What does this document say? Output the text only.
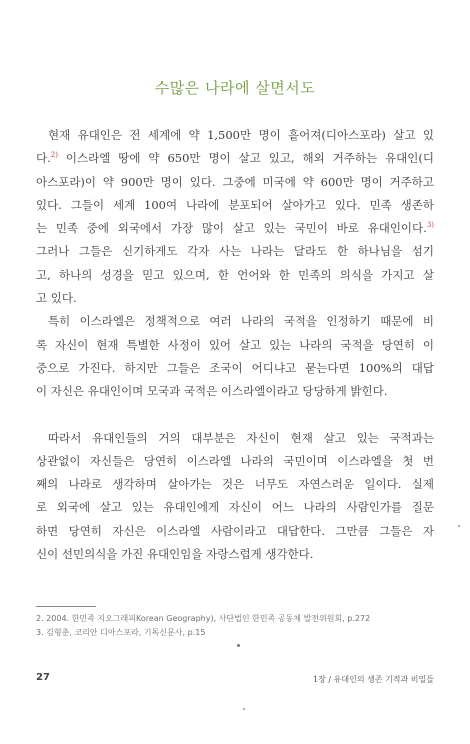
수많은 나라에 살면서도
현재 유대인은 전 세계에 약 1,500만 명이 흩어져(디아스포라) 살고 있
다.$^{2)}$ 이스라엘 땅에 약 650만 명이 살고 있고, 해외 거주하는 유대인(디
아스포라)이 약 900만 명이 있다. 그중에 미국에 약 600만 명이 거주하고
있다. 그들이 세계 100여 나라에 분포되어 살아가고 있다. 민족 생존하
는 민족 중에 외국에서 가장 많이 살고 있는 국민이 바로 유대인이다.$^{3)}$
그러나 그들은 신기하게도 각자 사는 나라는 달라도 한 하나님을 섬기
고, 하나의 성경을 믿고 있으며, 한 언어와 한 민족의 의식을 가지고 살
고 있다.
특히 이스라엘은 정책적으로 여러 나라의 국적을 인정하기 때문에 비
록 자신이 현재 특별한 사정이 있어 살고 있는 나라의 국적을 당연히 이
중으로 가진다. 하지만 그들은 조국이 어디냐고 묻는다면 100%의 대답
이 자신은 유대인이며 모국과 국적은 이스라엘이라고 당당하게 밝힌다.
따라서 유대인들의 거의 대부분은 자신이 현재 살고 있는 국적과는
상관없이 자신들은 당연히 이스라엘 나라의 국민이며 이스라엘을 첫 번
째의 나라로 생각하며 살아가는 것은 너무도 자연스러운 일이다. 실제
로 외국에 살고 있는 유대인에게 자신이 어느 나라의 사람인가를 질문
하면 당연히 자신은 이스라엘 사람이라고 대답한다. 그만큼 그들은 자
신이 선민의식을 가진 유대인임을 자랑스럽게 생각한다.
2. 2004. 한민족 지오그래피Korean Geography), 사단법인 한민족 공동체 발전위원회, p.272
3. 김형춘, 코리안 디아스포라, 기독신문사, p.15
27	1장 / 유대인의 생존 기적과 비밀들
